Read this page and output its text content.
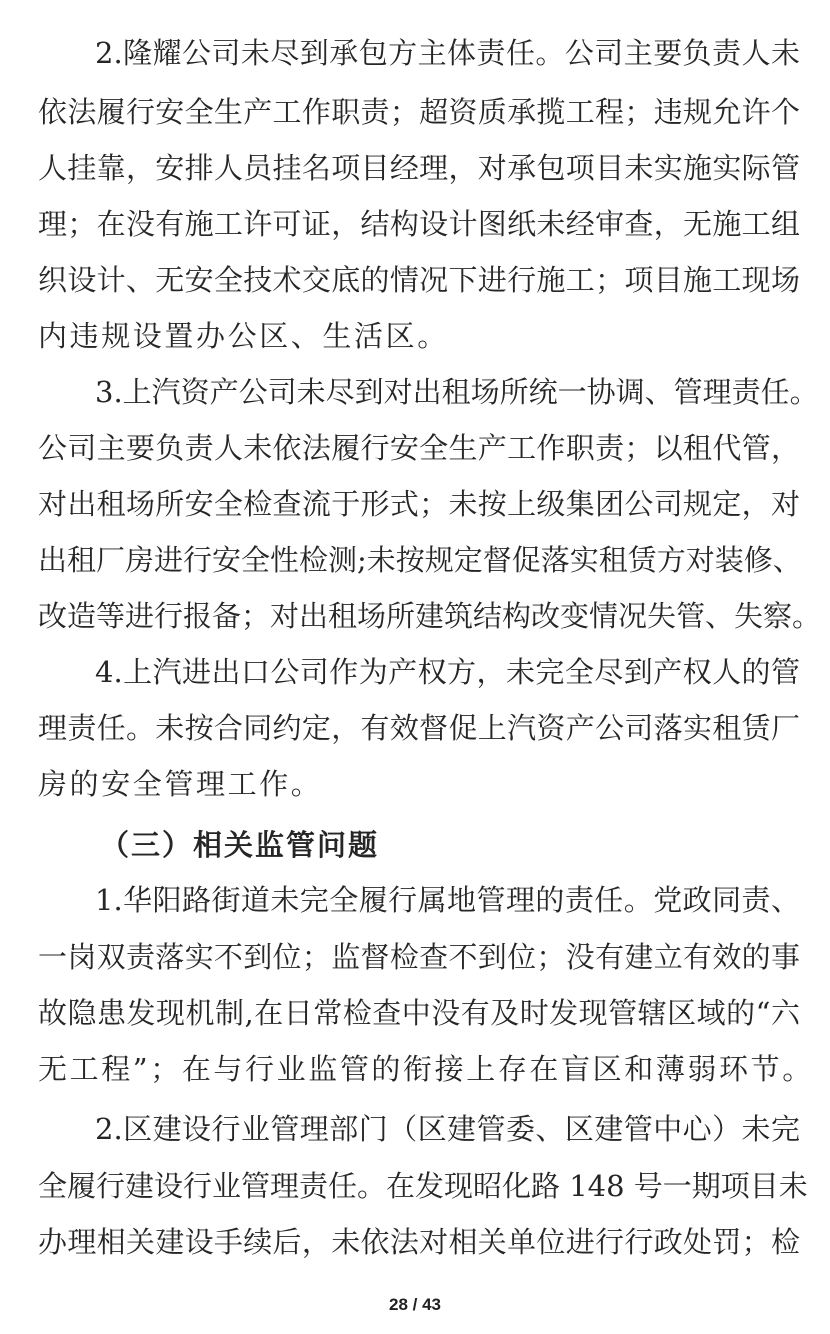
2.隆耀公司未尽到承包方主体责任。公司主要负责人未
依法履行安全生产工作职责；超资质承揽工程；违规允许个
人挂靠，安排人员挂名项目经理，对承包项目未实施实际管
理；在没有施工许可证，结构设计图纸未经审查，无施工组
织设计、无安全技术交底的情况下进行施工；项目施工现场
内违规设置办公区、生活区。
3.上汽资产公司未尽到对出租场所统一协调、管理责任。
公司主要负责人未依法履行安全生产工作职责；以租代管，
对出租场所安全检查流于形式；未按上级集团公司规定，对
出租厂房进行安全性检测;未按规定督促落实租赁方对装修、
改造等进行报备；对出租场所建筑结构改变情况失管、失察。
4.上汽进出口公司作为产权方，未完全尽到产权人的管
理责任。未按合同约定，有效督促上汽资产公司落实租赁厂
房的安全管理工作。
（三）相关监管问题
1.华阳路街道未完全履行属地管理的责任。党政同责、
一岗双责落实不到位；监督检查不到位；没有建立有效的事
故隐患发现机制,在日常检查中没有及时发现管辖区域的“六
无工程”；在与行业监管的衔接上存在盲区和薄弱环节。
2.区建设行业管理部门（区建管委、区建管中心）未完
全履行建设行业管理责任。在发现昭化路 148 号一期项目未
办理相关建设手续后，未依法对相关单位进行行政处罚；检
28 / 43
